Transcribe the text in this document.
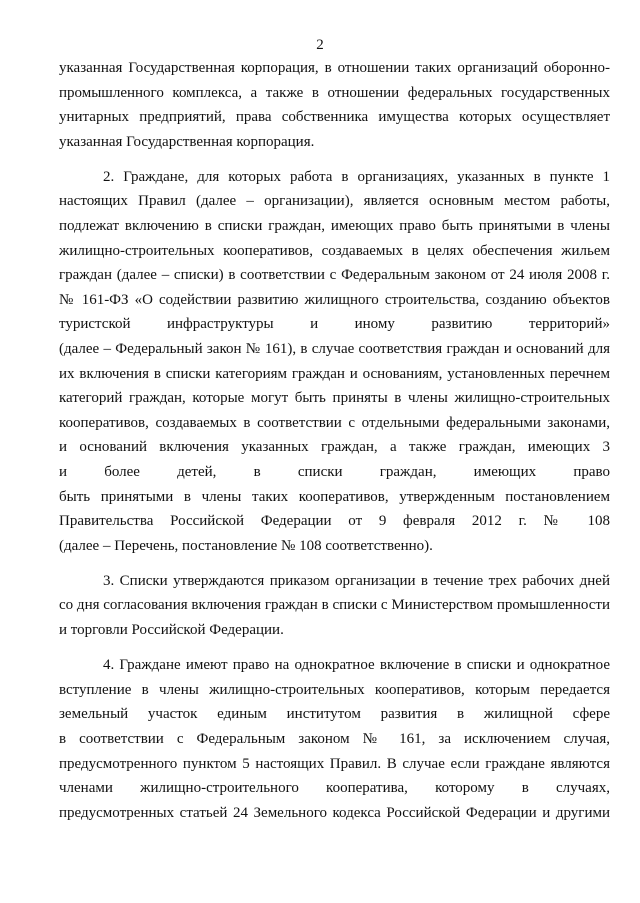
2
указанная Государственная корпорация, в отношении таких организаций оборонно-
промышленного комплекса, а также в отношении федеральных государственных
унитарных предприятий, права собственника имущества которых осуществляет
указанная Государственная корпорация.
2. Граждане, для которых работа в организациях, указанных в пункте 1
настоящих Правил (далее – организации), является основным местом работы,
подлежат включению в списки граждан, имеющих право быть принятыми в члены
жилищно-строительных кооперативов, создаваемых в целях обеспечения жильем
граждан (далее – списки) в соответствии с Федеральным законом от 24 июля 2008 г.
№ 161-ФЗ «О содействии развитию жилищного строительства, созданию объектов
туристской инфраструктуры и иному развитию территорий»
(далее – Федеральный закон № 161), в случае соответствия граждан и оснований для
их включения в списки категориям граждан и основаниям, установленных перечнем
категорий граждан, которые могут быть приняты в члены жилищно-строительных
кооперативов, создаваемых в соответствии с отдельными федеральными законами,
и оснований включения указанных граждан, а также граждан, имеющих 3
и более детей, в списки граждан, имеющих право
быть принятыми в члены таких кооперативов, утвержденным постановлением
Правительства Российской Федерации от 9 февраля 2012 г. № 108
(далее – Перечень, постановление № 108 соответственно).
3. Списки утверждаются приказом организации в течение трех рабочих дней
со дня согласования включения граждан в списки с Министерством промышленности
и торговли Российской Федерации.
4. Граждане имеют право на однократное включение в списки и однократное
вступление в члены жилищно-строительных кооперативов, которым передается
земельный участок единым институтом развития в жилищной сфере
в соответствии с Федеральным законом № 161, за исключением случая,
предусмотренного пунктом 5 настоящих Правил. В случае если граждане являются
членами жилищно-строительного кооператива, которому в случаях,
предусмотренных статьей 24 Земельного кодекса Российской Федерации и другими
